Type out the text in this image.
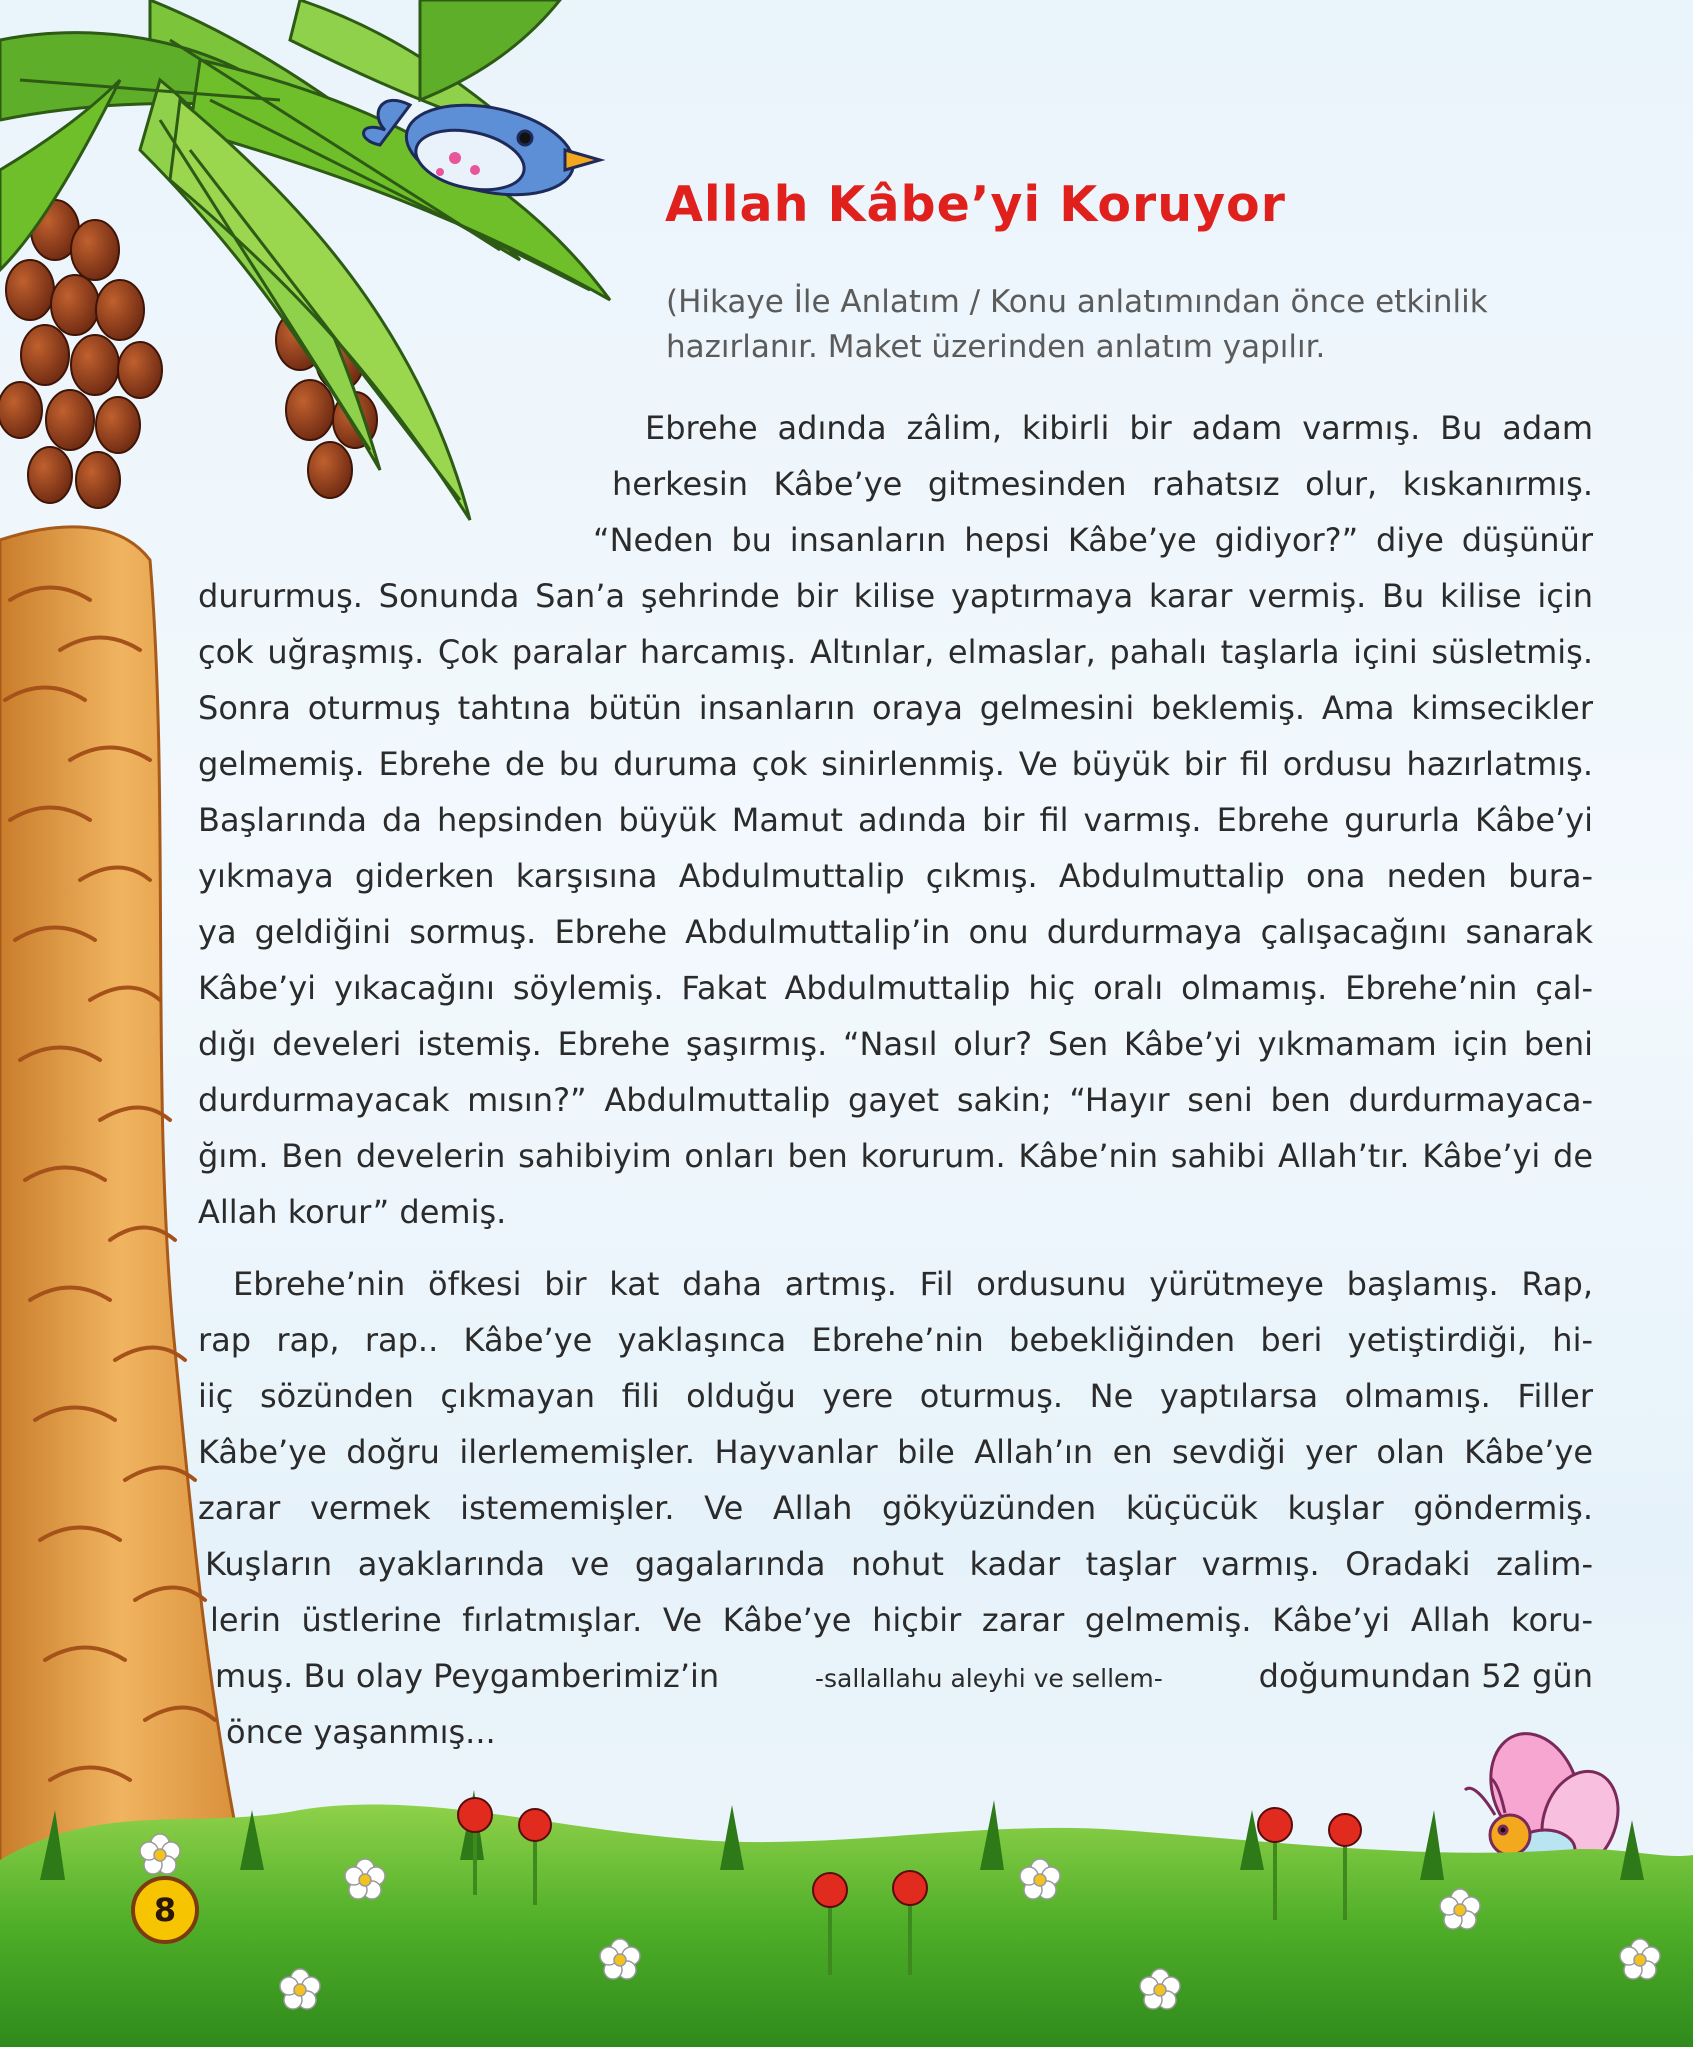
Allah Kâbe’yi Koruyor

(Hikaye İle Anlatım / Konu anlatımından önce etkinlik hazırlanır. Maket üzerinden anlatım yapılır.

Ebrehe adında zâlim, kibirli bir adam varmış. Bu adam
herkesin Kâbe’ye gitmesinden rahatsız olur, kıskanırmış.
“Neden bu insanların hepsi Kâbe’ye gidiyor?” diye düşünür
dururmuş. Sonunda San’a şehrinde bir kilise yaptırmaya karar vermiş. Bu kilise için
çok uğraşmış. Çok paralar harcamış. Altınlar, elmaslar, pahalı taşlarla içini süsletmiş.
Sonra oturmuş tahtına bütün insanların oraya gelmesini beklemiş. Ama kimsecikler
gelmemiş. Ebrehe de bu duruma çok sinirlenmiş. Ve büyük bir fil ordusu hazırlatmış.
Başlarında da hepsinden büyük Mamut adında bir fil varmış. Ebrehe gururla Kâbe’yi
yıkmaya giderken karşısına Abdulmuttalip çıkmış. Abdulmuttalip ona neden bura-
ya geldiğini sormuş. Ebrehe Abdulmuttalip’in onu durdurmaya çalışacağını sanarak
Kâbe’yi yıkacağını söylemiş. Fakat Abdulmuttalip hiç oralı olmamış. Ebrehe’nin çal-
dığı develeri istemiş. Ebrehe şaşırmış. “Nasıl olur? Sen Kâbe’yi yıkmamam için beni
durdurmayacak mısın?” Abdulmuttalip gayet sakin; “Hayır seni ben durdurmayaca-
ğım. Ben develerin sahibiyim onları ben korurum. Kâbe’nin sahibi Allah’tır. Kâbe’yi de
Allah korur” demiş.
Ebrehe’nin öfkesi bir kat daha artmış. Fil ordusunu yürütmeye başlamış. Rap,
rap rap, rap.. Kâbe’ye yaklaşınca Ebrehe’nin bebekliğinden beri yetiştirdiği, hi-
iiç sözünden çıkmayan fili olduğu yere oturmuş. Ne yaptılarsa olmamış. Filler
Kâbe’ye doğru ilerlememişler. Hayvanlar bile Allah’ın en sevdiği yer olan Kâbe’ye
zarar vermek istememişler. Ve Allah gökyüzünden küçücük kuşlar göndermiş.
Kuşların ayaklarında ve gagalarında nohut kadar taşlar varmış. Oradaki zalim-
lerin üstlerine fırlatmışlar. Ve Kâbe’ye hiçbir zarar gelmemiş. Kâbe’yi Allah koru-
muş. Bu olay Peygamberimiz’in	-sallallahu aleyhi ve sellem-	doğumundan 52 gün
önce yaşanmış...
8
